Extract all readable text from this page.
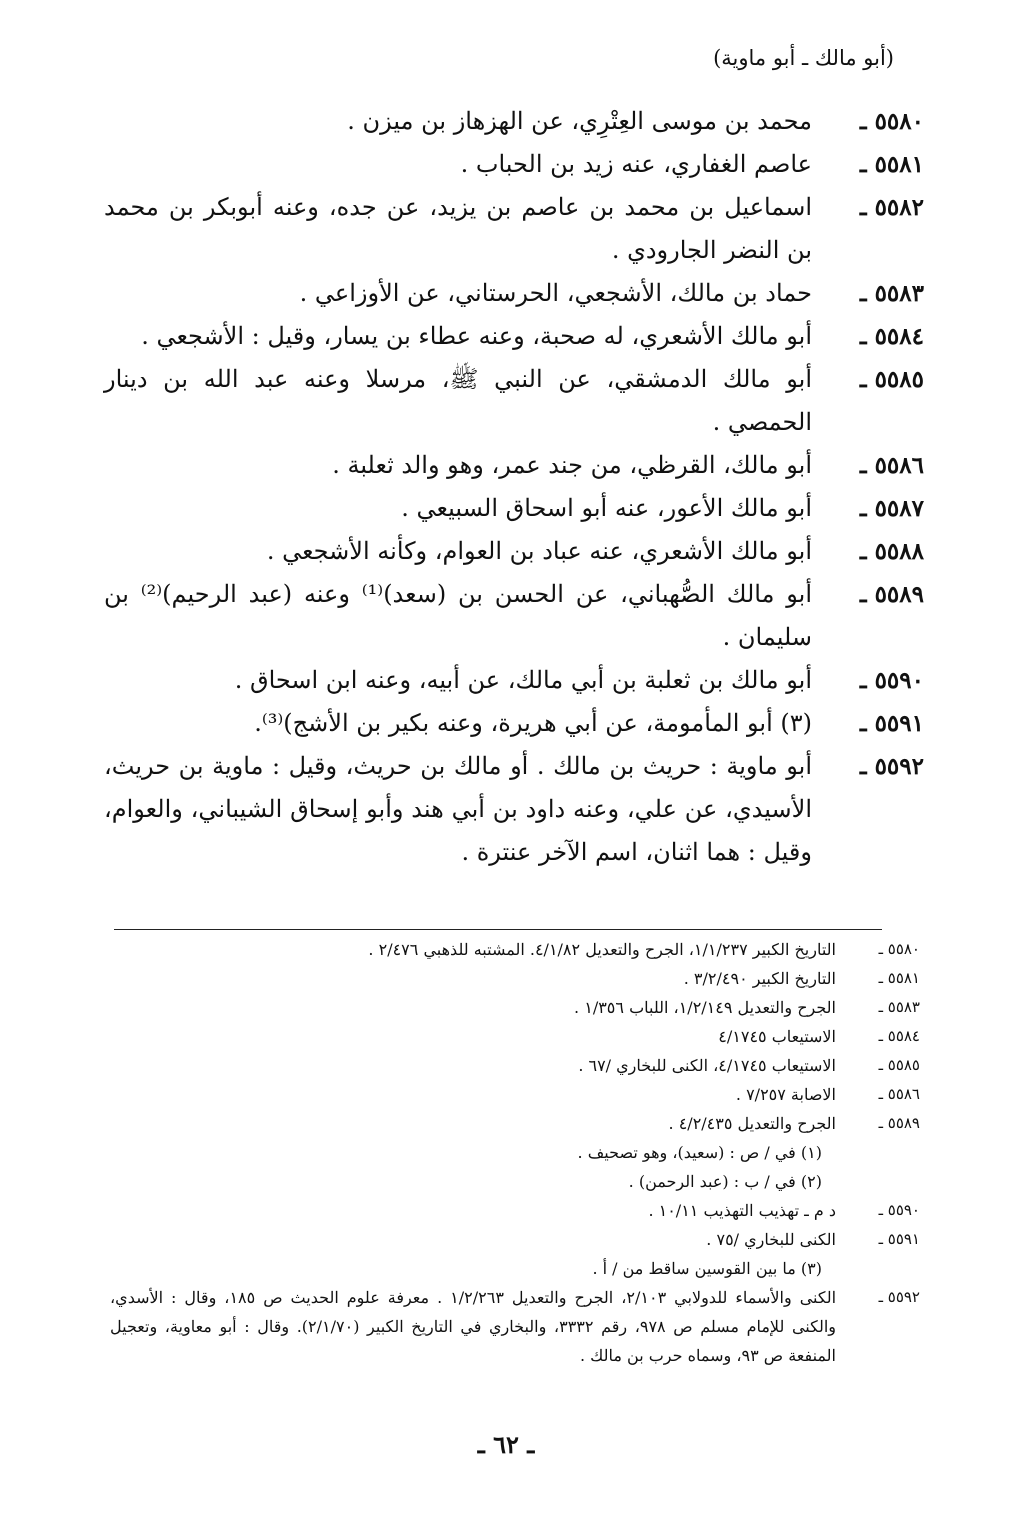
(أبو مالك ـ أبو ماوية)
٥٥٨٠ ـ
محمد بن موسى العِتْرِي، عن الهزهاز بن ميزن .
٥٥٨١ ـ
عاصم الغفاري، عنه زيد بن الحباب .
٥٥٨٢ ـ
اسماعيل بن محمد بن عاصم بن يزيد، عن جده، وعنه أبوبكر بن محمد بن النضر الجارودي .
٥٥٨٣ ـ
حماد بن مالك، الأشجعي، الحرستاني، عن الأوزاعي .
٥٥٨٤ ـ
أبو مالك الأشعري، له صحبة، وعنه عطاء بن يسار، وقيل : الأشجعي .
٥٥٨٥ ـ
أبو مالك الدمشقي، عن النبي ﷺ، مرسلا وعنه عبد الله بن دينار الحمصي .
٥٥٨٦ ـ
أبو مالك، القرظي، من جند عمر، وهو والد ثعلبة .
٥٥٨٧ ـ
أبو مالك الأعور، عنه أبو اسحاق السبيعي .
٥٥٨٨ ـ
أبو مالك الأشعري، عنه عباد بن العوام، وكأنه الأشجعي .
٥٥٨٩ ـ
أبو مالك الصُّهباني، عن الحسن بن (سعد)⁽¹⁾ وعنه (عبد الرحيم)⁽²⁾ بن سليمان .
٥٥٩٠ ـ
أبو مالك بن ثعلبة بن أبي مالك، عن أبيه، وعنه ابن اسحاق .
٥٥٩١ ـ
(٣) أبو المأمومة، عن أبي هريرة، وعنه بكير بن الأشج)⁽³⁾.
٥٥٩٢ ـ
أبو ماوية : حريث بن مالك . أو مالك بن حريث، وقيل : ماوية بن حريث، الأسيدي، عن علي، وعنه داود بن أبي هند وأبو إسحاق الشيباني، والعوام، وقيل : هما اثنان، اسم الآخر عنترة .
٥٥٨٠ ـ
التاريخ الكبير ١/١/٢٣٧، الجرح والتعديل ٤/١/٨٢. المشتبه للذهبي ٢/٤٧٦ .
٥٥٨١ ـ
التاريخ الكبير ٣/٢/٤٩٠ .
٥٥٨٣ ـ
الجرح والتعديل ١/٢/١٤٩، اللباب ١/٣٥٦ .
٥٥٨٤ ـ
الاستيعاب ٤/١٧٤٥
٥٥٨٥ ـ
الاستيعاب ٤/١٧٤٥، الكنى للبخاري /٦٧ .
٥٥٨٦ ـ
الاصابة ٧/٢٥٧ .
٥٥٨٩ ـ
الجرح والتعديل ٤/٢/٤٣٥ .
(١) في / ص : (سعيد)، وهو تصحيف .
(٢) في / ب : (عبد الرحمن) .
٥٥٩٠ ـ
د م ـ تهذيب التهذيب ١٠/١١ .
٥٥٩١ ـ
الكنى للبخاري /٧٥ .
(٣) ما بين القوسين ساقط من / أ .
٥٥٩٢ ـ
الكنى والأسماء للدولابي ٢/١٠٣، الجرح والتعديل ١/٢/٢٦٣ . معرفة علوم الحديث ص ١٨٥، وقال : الأسدي، والكنى للإمام مسلم ص ٩٧٨، رقم ٣٣٣٢، والبخاري في التاريخ الكبير (٢/١/٧٠). وقال : أبو معاوية، وتعجيل المنفعة ص ٩٣، وسماه حرب بن مالك .
ـ ٦٢ ـ
